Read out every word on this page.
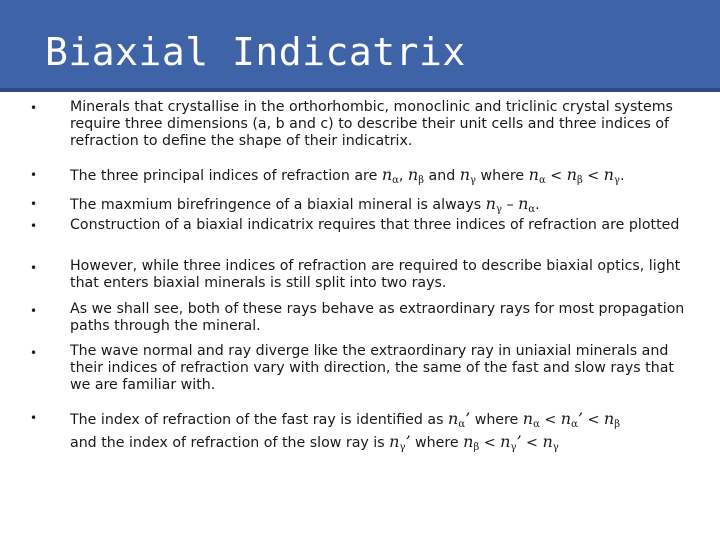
Biaxial Indicatrix
• Minerals that crystallise in the orthorhombic, monoclinic and triclinic crystal systems require three dimensions (a, b and c) to describe their unit cells and three indices of refraction to define the shape of their indicatrix.
• The three principal indices of refraction are $n_\alpha$, $n_\beta$ and $n_\gamma$ where $n_\alpha < n_\beta < n_\gamma$.
• The maxmium birefringence of a biaxial mineral is always $n_\gamma - n_\alpha$.
• Construction of a biaxial indicatrix requires that three indices of refraction are plotted
• However, while three indices of refraction are required to describe biaxial optics, light that enters biaxial minerals is still split into two rays.
• As we shall see, both of these rays behave as extraordinary rays for most propagation paths through the mineral.
• The wave normal and ray diverge like the extraordinary ray in uniaxial minerals and their indices of refraction vary with direction, the same of the fast and slow rays that we are familiar with.
• The index of refraction of the fast ray is identified as $n_\alpha$’ where $n_\alpha < n_\alpha$’ < $n_\beta$
and the index of refraction of the slow ray is $n_\gamma$’ where $n_\beta < n_\gamma$’ < $n_\gamma$
